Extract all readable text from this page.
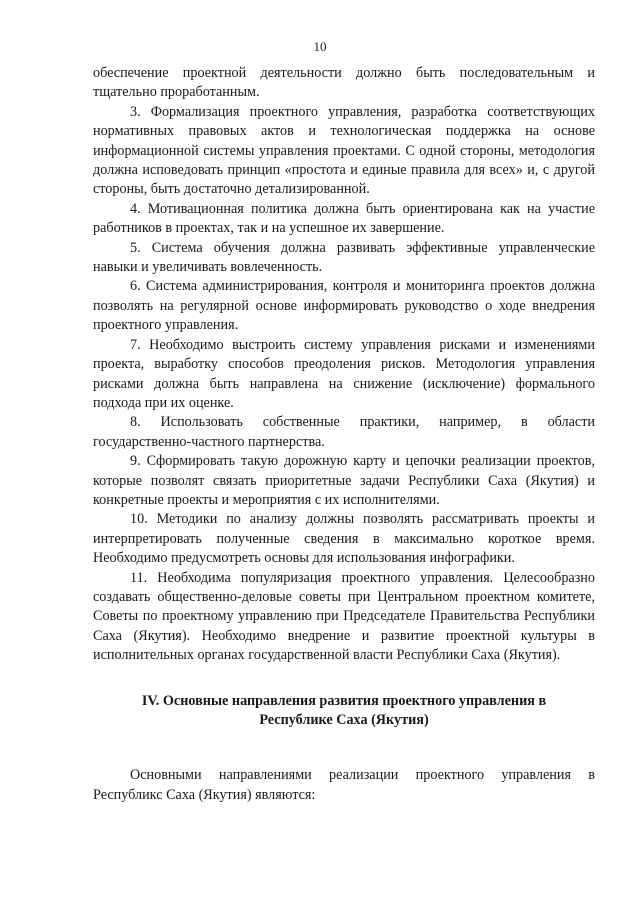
10

обеспечение проектной деятельности должно быть последовательным и тщательно проработанным.

3. Формализация проектного управления, разработка соответствующих нормативных правовых актов и технологическая поддержка на основе информационной системы управления проектами. С одной стороны, методология должна исповедовать принцип «простота и единые правила для всех» и, с другой стороны, быть достаточно детализированной.

4. Мотивационная политика должна быть ориентирована как на участие работников в проектах, так и на успешное их завершение.

5. Система обучения должна развивать эффективные управленческие навыки и увеличивать вовлеченность.

6. Система администрирования, контроля и мониторинга проектов должна позволять на регулярной основе информировать руководство о ходе внедрения проектного управления.

7. Необходимо выстроить систему управления рисками и изменениями проекта, выработку способов преодоления рисков. Методология управления рисками должна быть направлена на снижение (исключение) формального подхода при их оценке.

8. Использовать собственные практики, например, в области государственно-частного партнерства.

9. Сформировать такую дорожную карту и цепочки реализации проектов, которые позволят связать приоритетные задачи Республики Саха (Якутия) и конкретные проекты и мероприятия с их исполнителями.

10. Методики по анализу должны позволять рассматривать проекты и интерпретировать полученные сведения в максимально короткое время. Необходимо предусмотреть основы для использования инфографики.

11. Необходима популяризация проектного управления. Целесообразно создавать общественно-деловые советы при Центральном проектном комитете, Советы по проектному управлению при Председателе Правительства Республики Саха (Якутия). Необходимо внедрение и развитие проектной культуры в исполнительных органах государственной власти Республики Саха (Якутия).

IV. Основные направления развития проектного управления в
Республике Саха (Якутия)

Основными направлениями реализации проектного управления в Республикс Саха (Якутия) являются:
